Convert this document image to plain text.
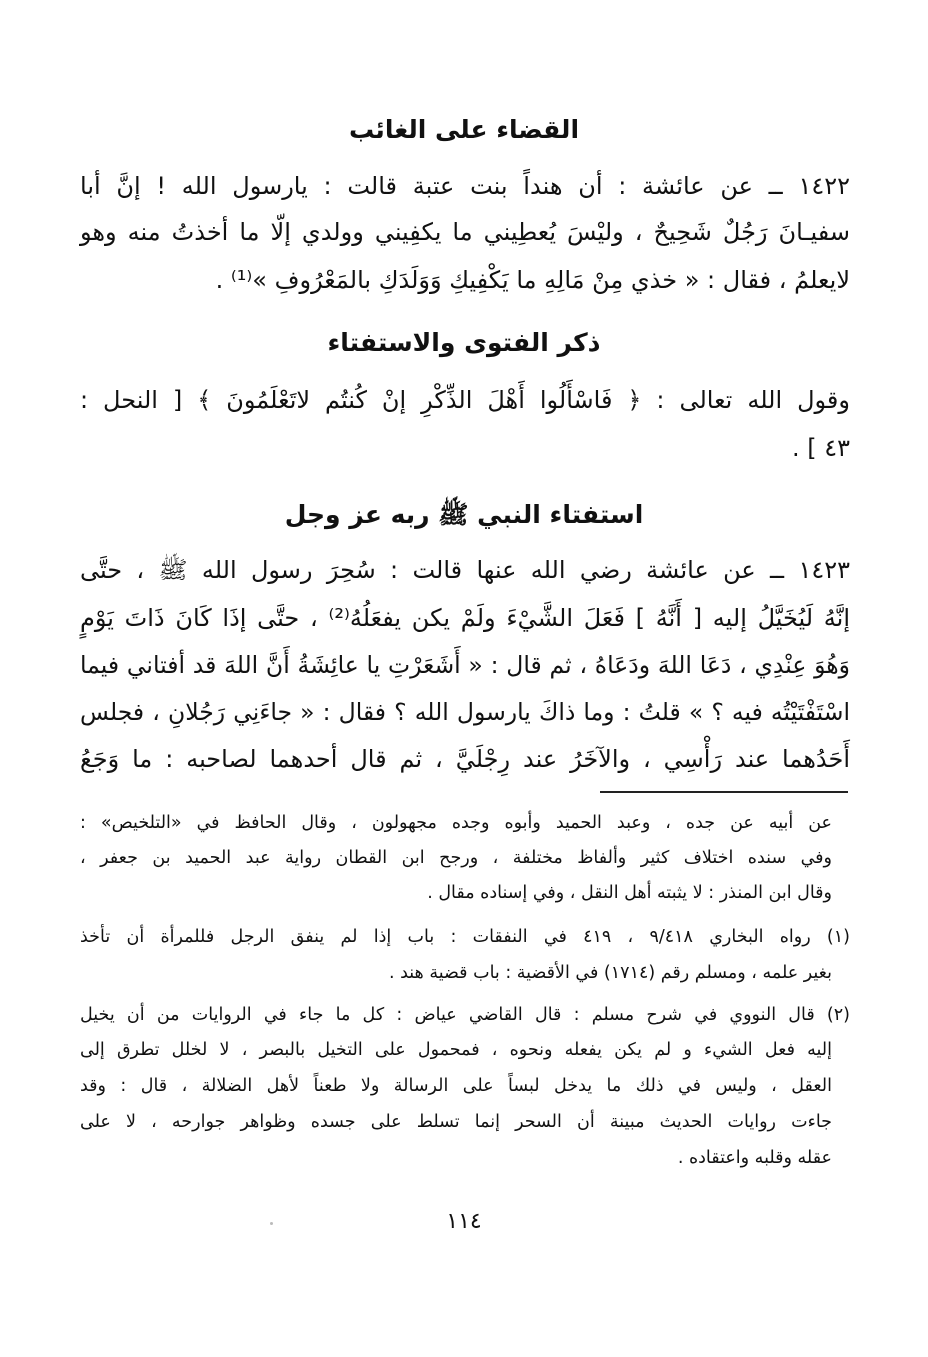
القضاء على الغائب
١٤٢٢ ــ عن عائشة : أن هنداً بنت عتبة قالت : يارسول الله ! إنَّ أبا
سفيـانَ رَجُلٌ شَحِيحٌ ، وليْسَ يُعطِيني ما يكفِيني وولدي إلّا ما أخذتُ منه وهو
لايعلمُ ، فقال : « خذي مِنْ مَالِهِ ما يَكْفِيكِ وَوَلَدَكِ بالمَعْرُوفِ »⁽¹⁾ .
ذكر الفتوى والاستفتاء
وقول الله تعالى : ﴿ فَاسْأَلُوا أَهْلَ الذِّكْرِ إنْ كُنتُم لاتَعْلَمُونَ ﴾ [ النحل :
٤٣ ] .
استفتاء النبي ﷺ ربه عز وجل
١٤٢٣ ــ عن عائشة رضي الله عنها قالت : سُحِرَ رسول الله ﷺ ، حتَّى
إنَّهُ لَيُخَيَّلُ إليه [ أَنَّهُ ] فَعَلَ الشَّيْءَ ولَمْ يكن يفعَلُهُ⁽²⁾ ، حتَّى إذَا كَانَ ذَاتَ يَوْمٍ
وَهُوَ عِنْدِي ، دَعَا اللهَ ودَعَاهُ ، ثم قال : « أَشَعَرْتِ يا عائِشَةُ أَنَّ اللهَ قد أفتاني فيما
اسْتَفْتَيْتُه فيه ؟ » قلتُ : وما ذاكَ يارسول الله ؟ فقال : « جاءَنِي رَجُلانِ ، فجلس
أَحَدُهما عند رَأْسِي ، والآخَرُ عند رِجْلَيَّ ، ثم قال أحدهما لصاحبه : ما وَجَعُ
عن أبيه عن جده ، وعبد الحميد وأبوه وجده مجهولون ، وقال الحافظ في «التلخيص» :
وفي سنده اختلاف كثير وألفاظ مختلفة ، ورجح ابن القطان رواية عبد الحميد بن جعفر ،
وقال ابن المنذر : لا يثبته أهل النقل ، وفي إسناده مقال .
(١) رواه البخاري ٩/٤١٨ ، ٤١٩ في النفقات : باب إذا لم ينفق الرجل فللمرأة أن تأخذ
بغير علمه ، ومسلم رقم (١٧١٤) في الأقضية : باب قضية هند .
(٢) قال النووي في شرح مسلم : قال القاضي عياض : كل ما جاء في الروايات من أن يخيل
إليه فعل الشيء و لم يكن يفعله ونحوه ، فمحمول على التخيل بالبصر ، لا لخلل تطرق إلى
العقل ، وليس في ذلك ما يدخل لبساً على الرسالة ولا طعناً لأهل الضلالة ، قال : وقد
جاءت روايات الحديث مبينة أن السحر إنما تسلط على جسده وظواهر جوارحه ، لا على
عقله وقلبه واعتقاده .
١١٤
